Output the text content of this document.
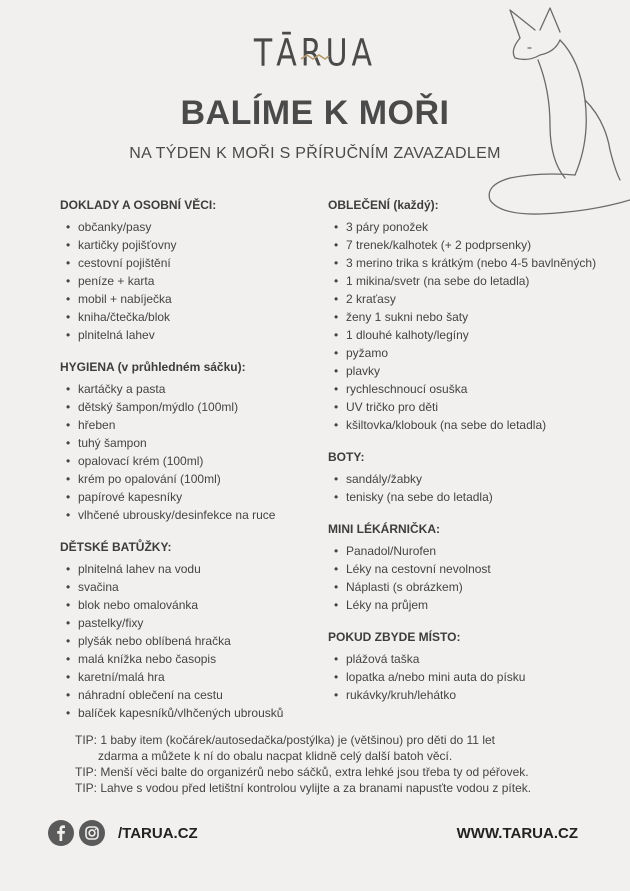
TĀRUA
BALÍME K MOŘI
NA TÝDEN K MOŘI S PŘÍRUČNÍM ZAVAZADLEM
DOKLADY A OSOBNÍ VĚCI:
• občanky/pasy
• kartičky pojišťovny
• cestovní pojištění
• peníze + karta
• mobil + nabíječka
• kniha/čtečka/blok
• plnitelná lahev
HYGIENA (v průhledném sáčku):
• kartáčky a pasta
• dětský šampon/mýdlo (100ml)
• hřeben
• tuhý šampon
• opalovací krém (100ml)
• krém po opalování (100ml)
• papírové kapesníky
• vlhčené ubrousky/desinfekce na ruce
DĚTSKÉ BATŮŽKY:
• plnitelná lahev na vodu
• svačina
• blok nebo omalovánka
• pastelky/fixy
• plyšák nebo oblíbená hračka
• malá knížka nebo časopis
• karetní/malá hra
• náhradní oblečení na cestu
• balíček kapesníků/vlhčených ubrousků
OBLEČENÍ (každý):
• 3 páry ponožek
• 7 trenek/kalhotek (+ 2 podprsenky)
• 3 merino trika s krátkým (nebo 4-5 bavlněných)
• 1 mikina/svetr (na sebe do letadla)
• 2 kraťasy
• ženy 1 sukni nebo šaty
• 1 dlouhé kalhoty/legíny
• pyžamo
• plavky
• rychleschnoucí osuška
• UV tričko pro děti
• kšiltovka/klobouk (na sebe do letadla)
BOTY:
• sandály/žabky
• tenisky (na sebe do letadla)
MINI LÉKÁRNIČKA:
• Panadol/Nurofen
• Léky na cestovní nevolnost
• Náplasti (s obrázkem)
• Léky na průjem
POKUD ZBYDE MÍSTO:
• plážová taška
• lopatka a/nebo mini auta do písku
• rukávky/kruh/lehátko

TIP: 1 baby item (kočárek/autosedačka/postýlka) je (většinou) pro děti do 11 let
zdarma a můžete k ní do obalu nacpat klidně celý další batoh věcí.

TIP: Menší věci balte do organizérů nebo sáčků, extra lehké jsou třeba ty od péřovek.

TIP: Lahve s vodou před letištní kontrolou vylijte a za branami napusťte vodou z pítek.

/TARUA.CZ	WWW.TARUA.CZ
